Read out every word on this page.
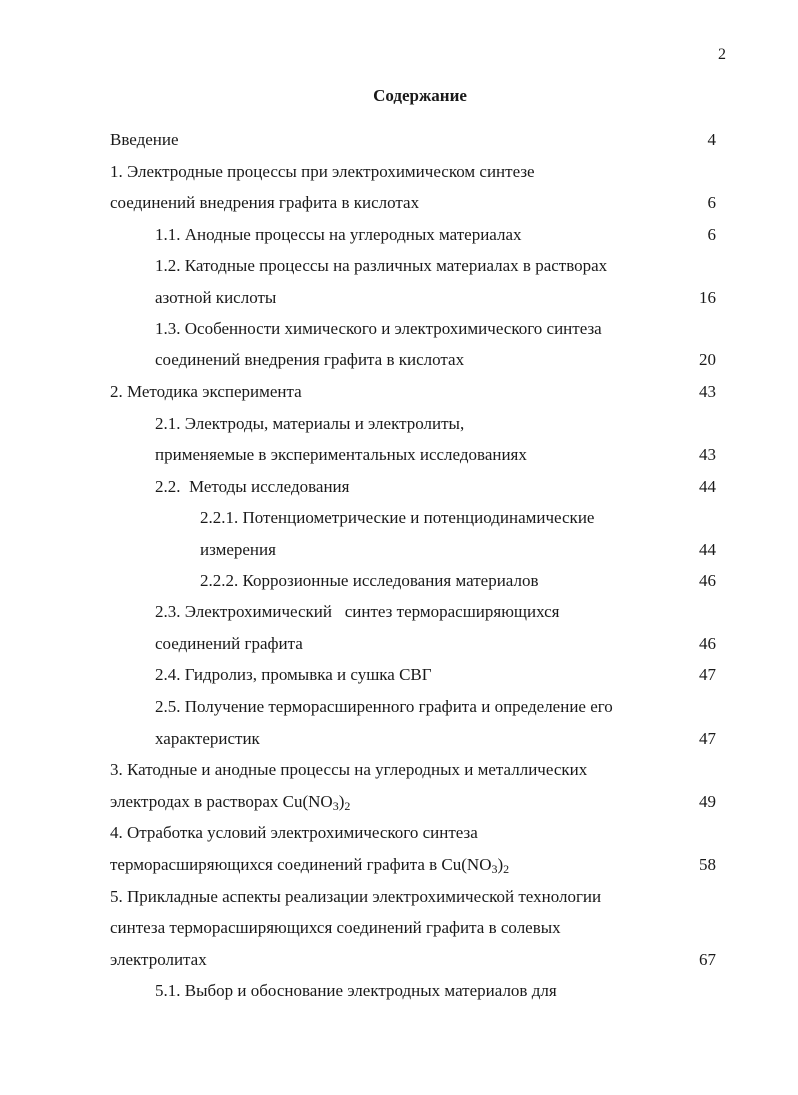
2
Содержание
Введение	4
1. Электродные процессы при электрохимическом синтезе
соединений внедрения графита в кислотах	6
1.1. Анодные процессы на углеродных материалах	6
1.2. Катодные процессы на различных материалах в растворах
азотной кислоты	16
1.3. Особенности химического и электрохимического синтеза
соединений внедрения графита в кислотах	20
2. Методика эксперимента	43
2.1. Электроды, материалы и электролиты,
применяемые в экспериментальных исследованиях	43
2.2.  Методы исследования	44
2.2.1. Потенциометрические и потенциодинамические
измерения	44
2.2.2. Коррозионные исследования материалов	46
2.3. Электрохимический   синтез терморасширяющихся
соединений графита	46
2.4. Гидролиз, промывка и сушка СВГ	47
2.5. Получение терморасширенного графита и определение его
характеристик	47
3. Катодные и анодные процессы на углеродных и металлических
электродах в растворах $Cu(NO_3)_2$	49
4. Отработка условий электрохимического синтеза
терморасширяющихся соединений графита в $Cu(NO_3)_2$	58
5. Прикладные аспекты реализации электрохимической технологии
синтеза терморасширяющихся соединений графита в солевых
электролитах	67
5.1. Выбор и обоснование электродных материалов для
